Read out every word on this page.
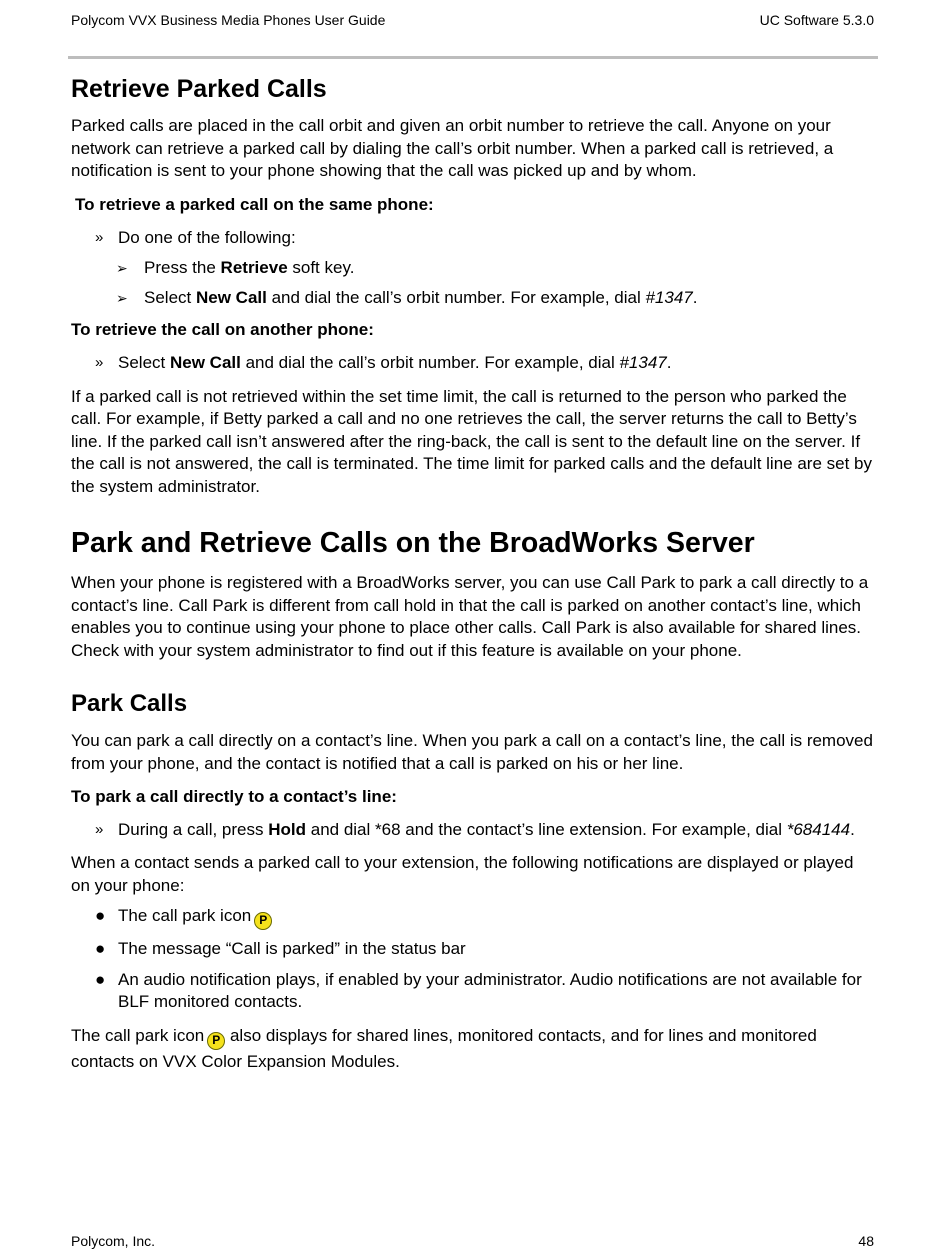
Polycom VVX Business Media Phones User Guide	UC Software 5.3.0
Retrieve Parked Calls

Parked calls are placed in the call orbit and given an orbit number to retrieve the call. Anyone on your network can retrieve a parked call by dialing the call’s orbit number. When a parked call is retrieved, a notification is sent to your phone showing that the call was picked up and by whom.

To retrieve a parked call on the same phone:
» Do one of the following:
➢ Press the Retrieve soft key.
➢ Select New Call and dial the call’s orbit number. For example, dial #1347.
To retrieve the call on another phone:
» Select New Call and dial the call’s orbit number. For example, dial #1347.

If a parked call is not retrieved within the set time limit, the call is returned to the person who parked the call. For example, if Betty parked a call and no one retrieves the call, the server returns the call to Betty’s line. If the parked call isn’t answered after the ring-back, the call is sent to the default line on the server. If the call is not answered, the call is terminated. The time limit for parked calls and the default line are set by the system administrator.

Park and Retrieve Calls on the BroadWorks Server

When your phone is registered with a BroadWorks server, you can use Call Park to park a call directly to a contact’s line. Call Park is different from call hold in that the call is parked on another contact’s line, which enables you to continue using your phone to place other calls. Call Park is also available for shared lines. Check with your system administrator to find out if this feature is available on your phone.

Park Calls

You can park a call directly on a contact’s line. When you park a call on a contact’s line, the call is removed from your phone, and the contact is notified that a call is parked on his or her line.

To park a call directly to a contact’s line:
» During a call, press Hold and dial *68 and the contact’s line extension. For example, dial *684144.

When a contact sends a parked call to your extension, the following notifications are displayed or played on your phone:

● The call park icon P
● The message “Call is parked” in the status bar
● An audio notification plays, if enabled by your administrator. Audio notifications are not available for BLF monitored contacts.

The call park icon P also displays for shared lines, monitored contacts, and for lines and monitored contacts on VVX Color Expansion Modules.

Polycom, Inc.	48
